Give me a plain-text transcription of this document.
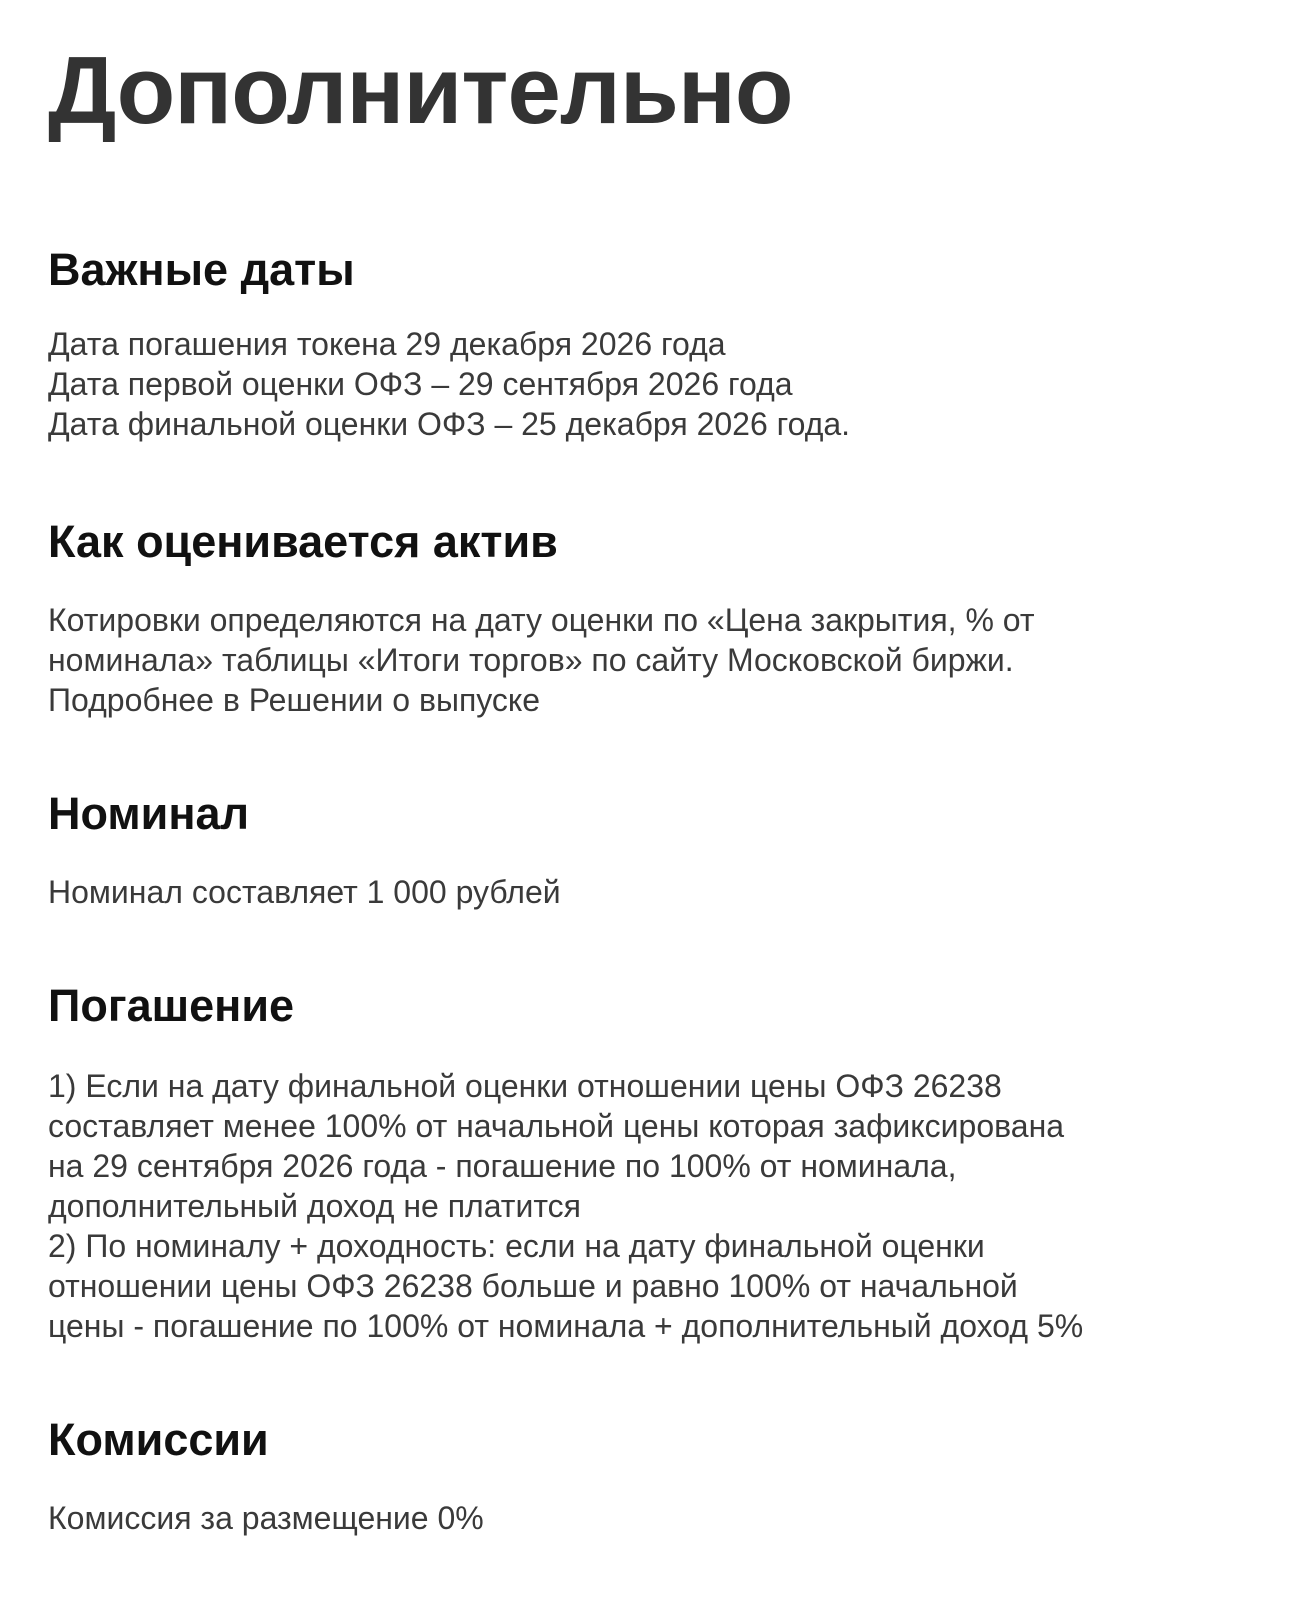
Дополнительно
Важные даты

Дата погашения токена 29 декабря 2026 года
Дата первой оценки ОФЗ – 29 сентября 2026 года
Дата финальной оценки ОФЗ – 25 декабря 2026 года.

Как оценивается актив

Котировки определяются на дату оценки по «Цена закрытия, % от
номинала» таблицы «Итоги торгов» по сайту Московской биржи.
Подробнее в Решении о выпуске

Номинал

Номинал составляет 1 000 рублей

Погашение

1) Если на дату финальной оценки отношении цены ОФЗ 26238
составляет менее 100% от начальной цены которая зафиксирована
на 29 сентября 2026 года - погашение по 100% от номинала,
дополнительный доход не платится
2) По номиналу + доходность: если на дату финальной оценки
отношении цены ОФЗ 26238 больше и равно 100% от начальной
цены - погашение по 100% от номинала + дополнительный доход 5%

Комиссии

Комиссия за размещение 0%
